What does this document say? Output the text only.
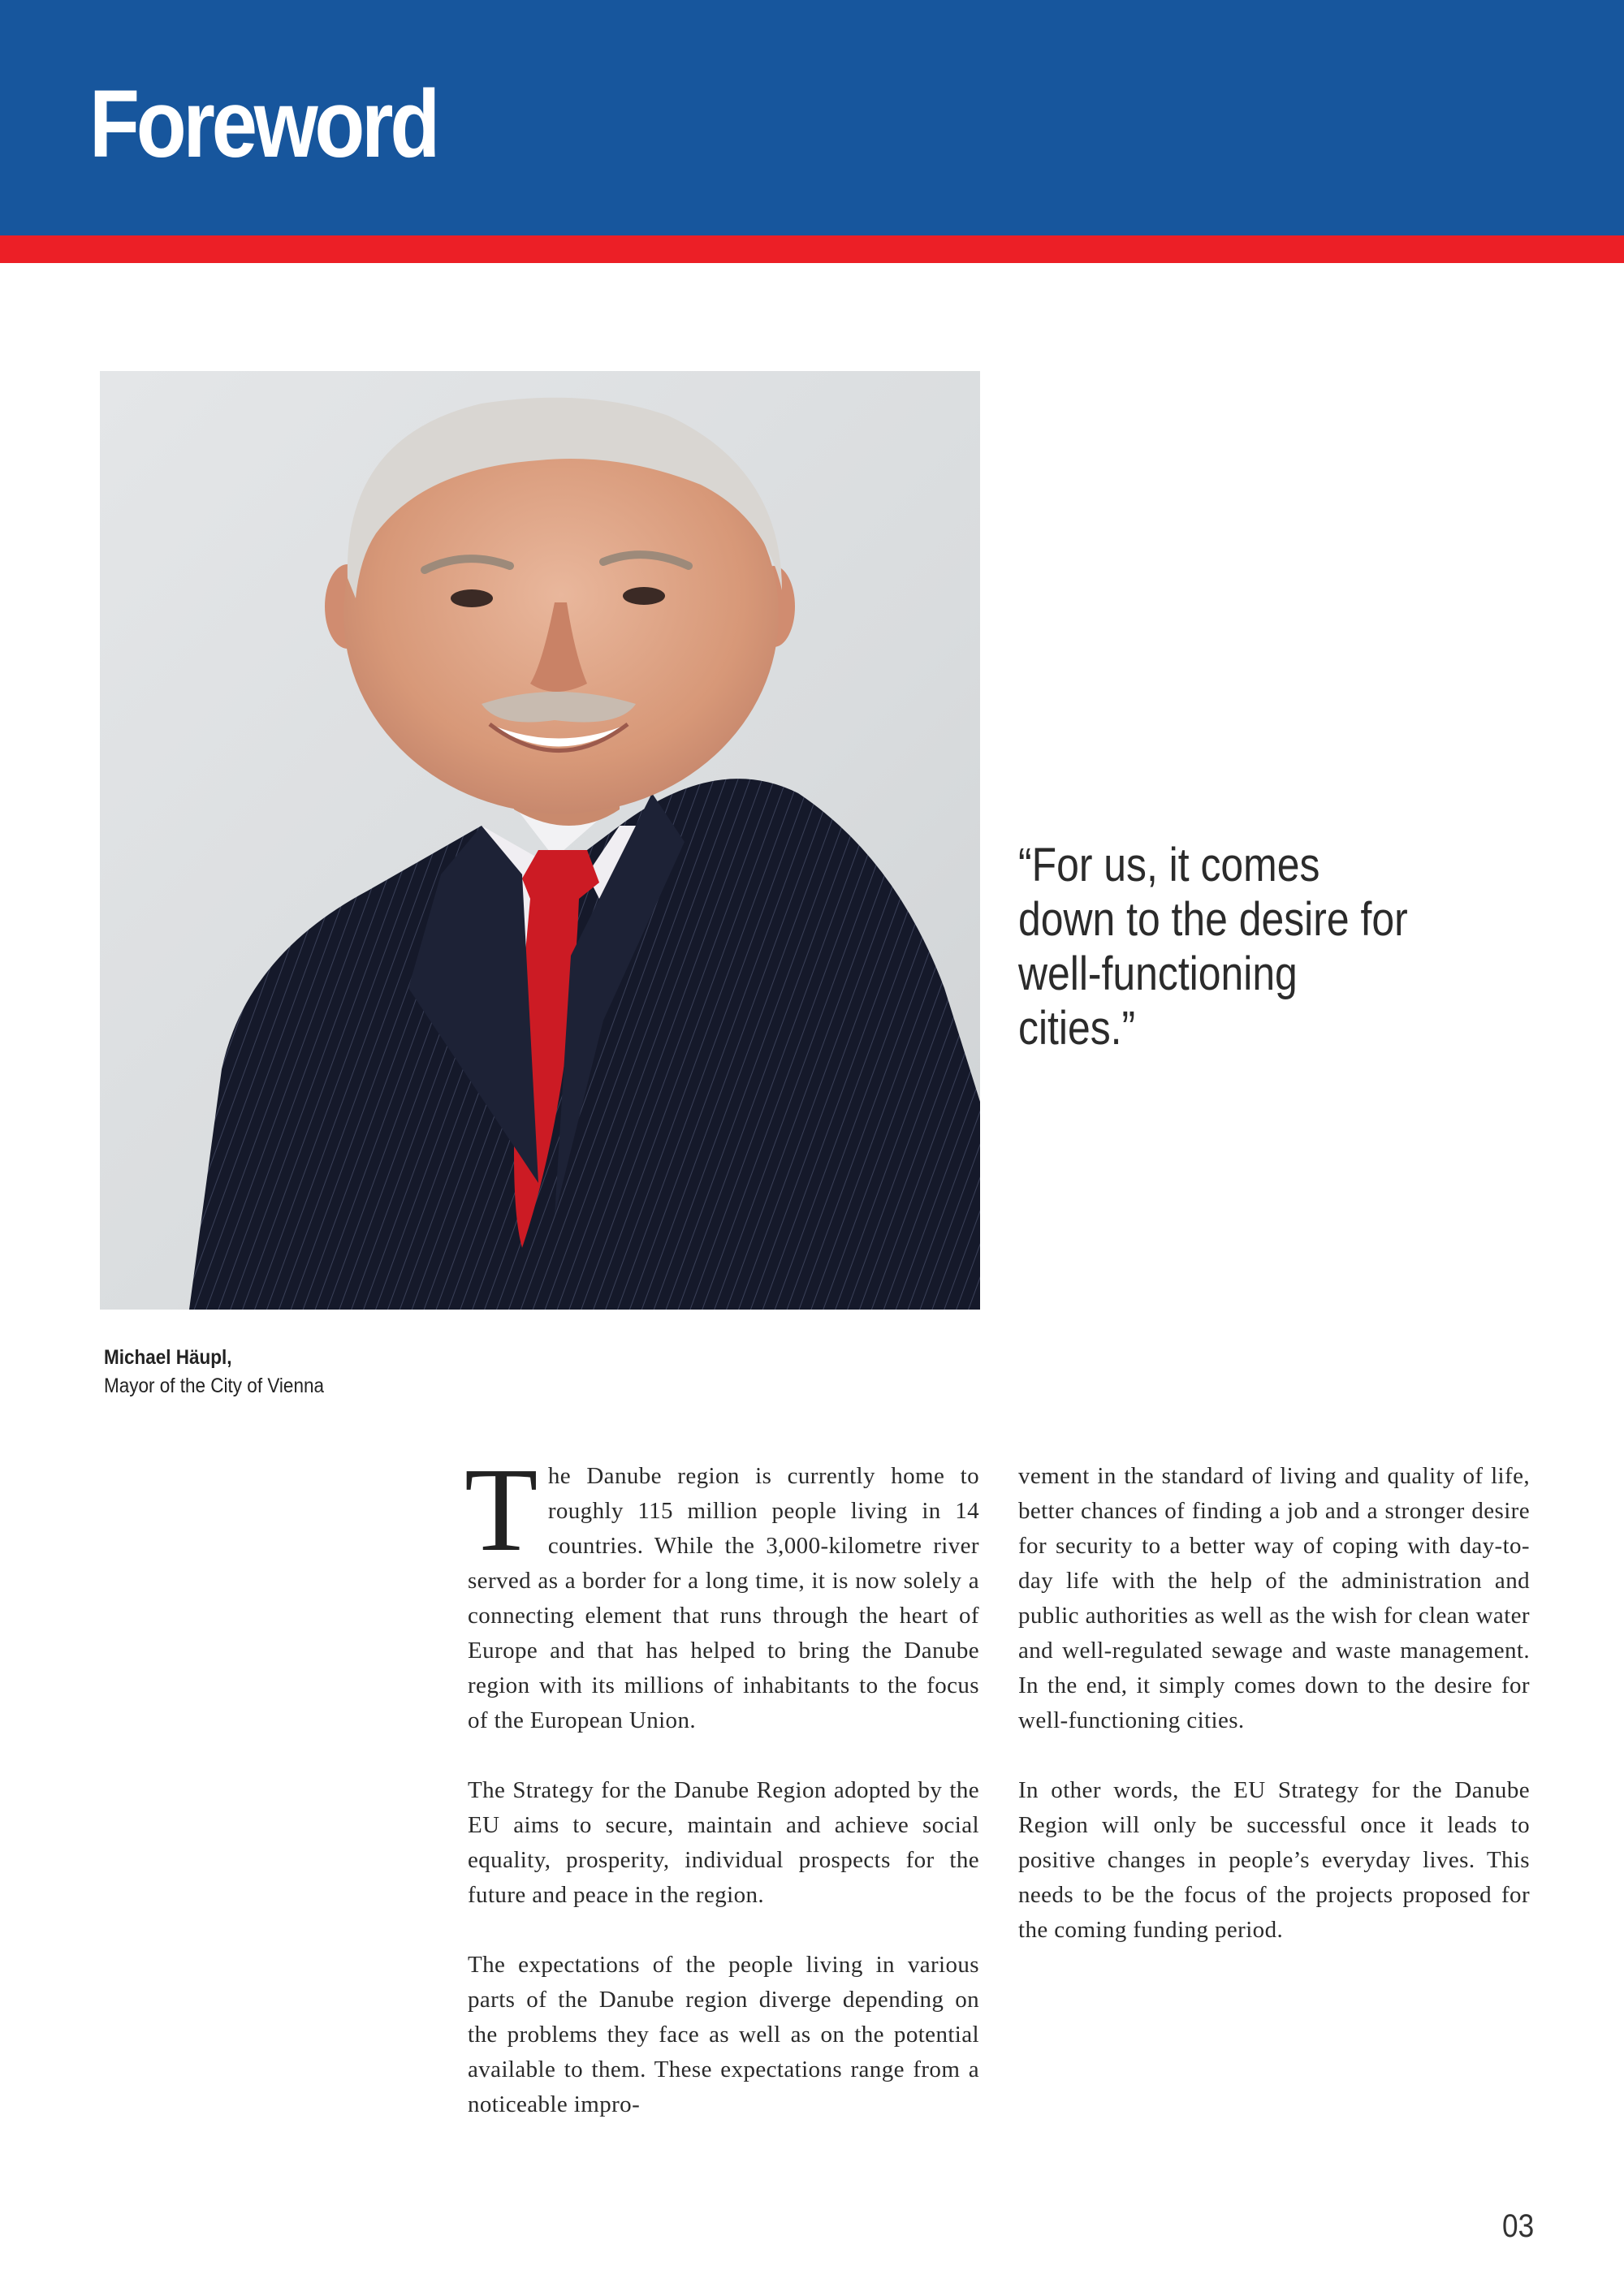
Foreword
Michael Häupl,
Mayor of the City of Vienna
“For us, it comes down to the desire for well-functioning cities.”

The Danube region is currently home to roughly 115 million people living in 14 countries. While the 3,000-kilometre river served as a border for a long time, it is now solely a connecting element that runs through the heart of Europe and that has helped to bring the Danube region with its millions of inhabitants to the focus of the European Union.

The Strategy for the Danube Region adopted by the EU aims to secure, maintain and achieve social equality, prosperity, individual prospects for the future and peace in the region.

The expectations of the people living in various parts of the Danube region diverge depending on the problems they face as well as on the potential available to them. These expectations range from a noticeable impro-

vement in the standard of living and quality of life, better chances of finding a job and a stronger desire for security to a better way of coping with day-to-day life with the help of the administration and public authorities as well as the wish for clean water and well-regulated sewage and waste management. In the end, it simply comes down to the desire for well-functioning cities.

In other words, the EU Strategy for the Danube Region will only be successful once it leads to positive changes in people’s everyday lives. This needs to be the focus of the projects proposed for the coming funding period.

03
